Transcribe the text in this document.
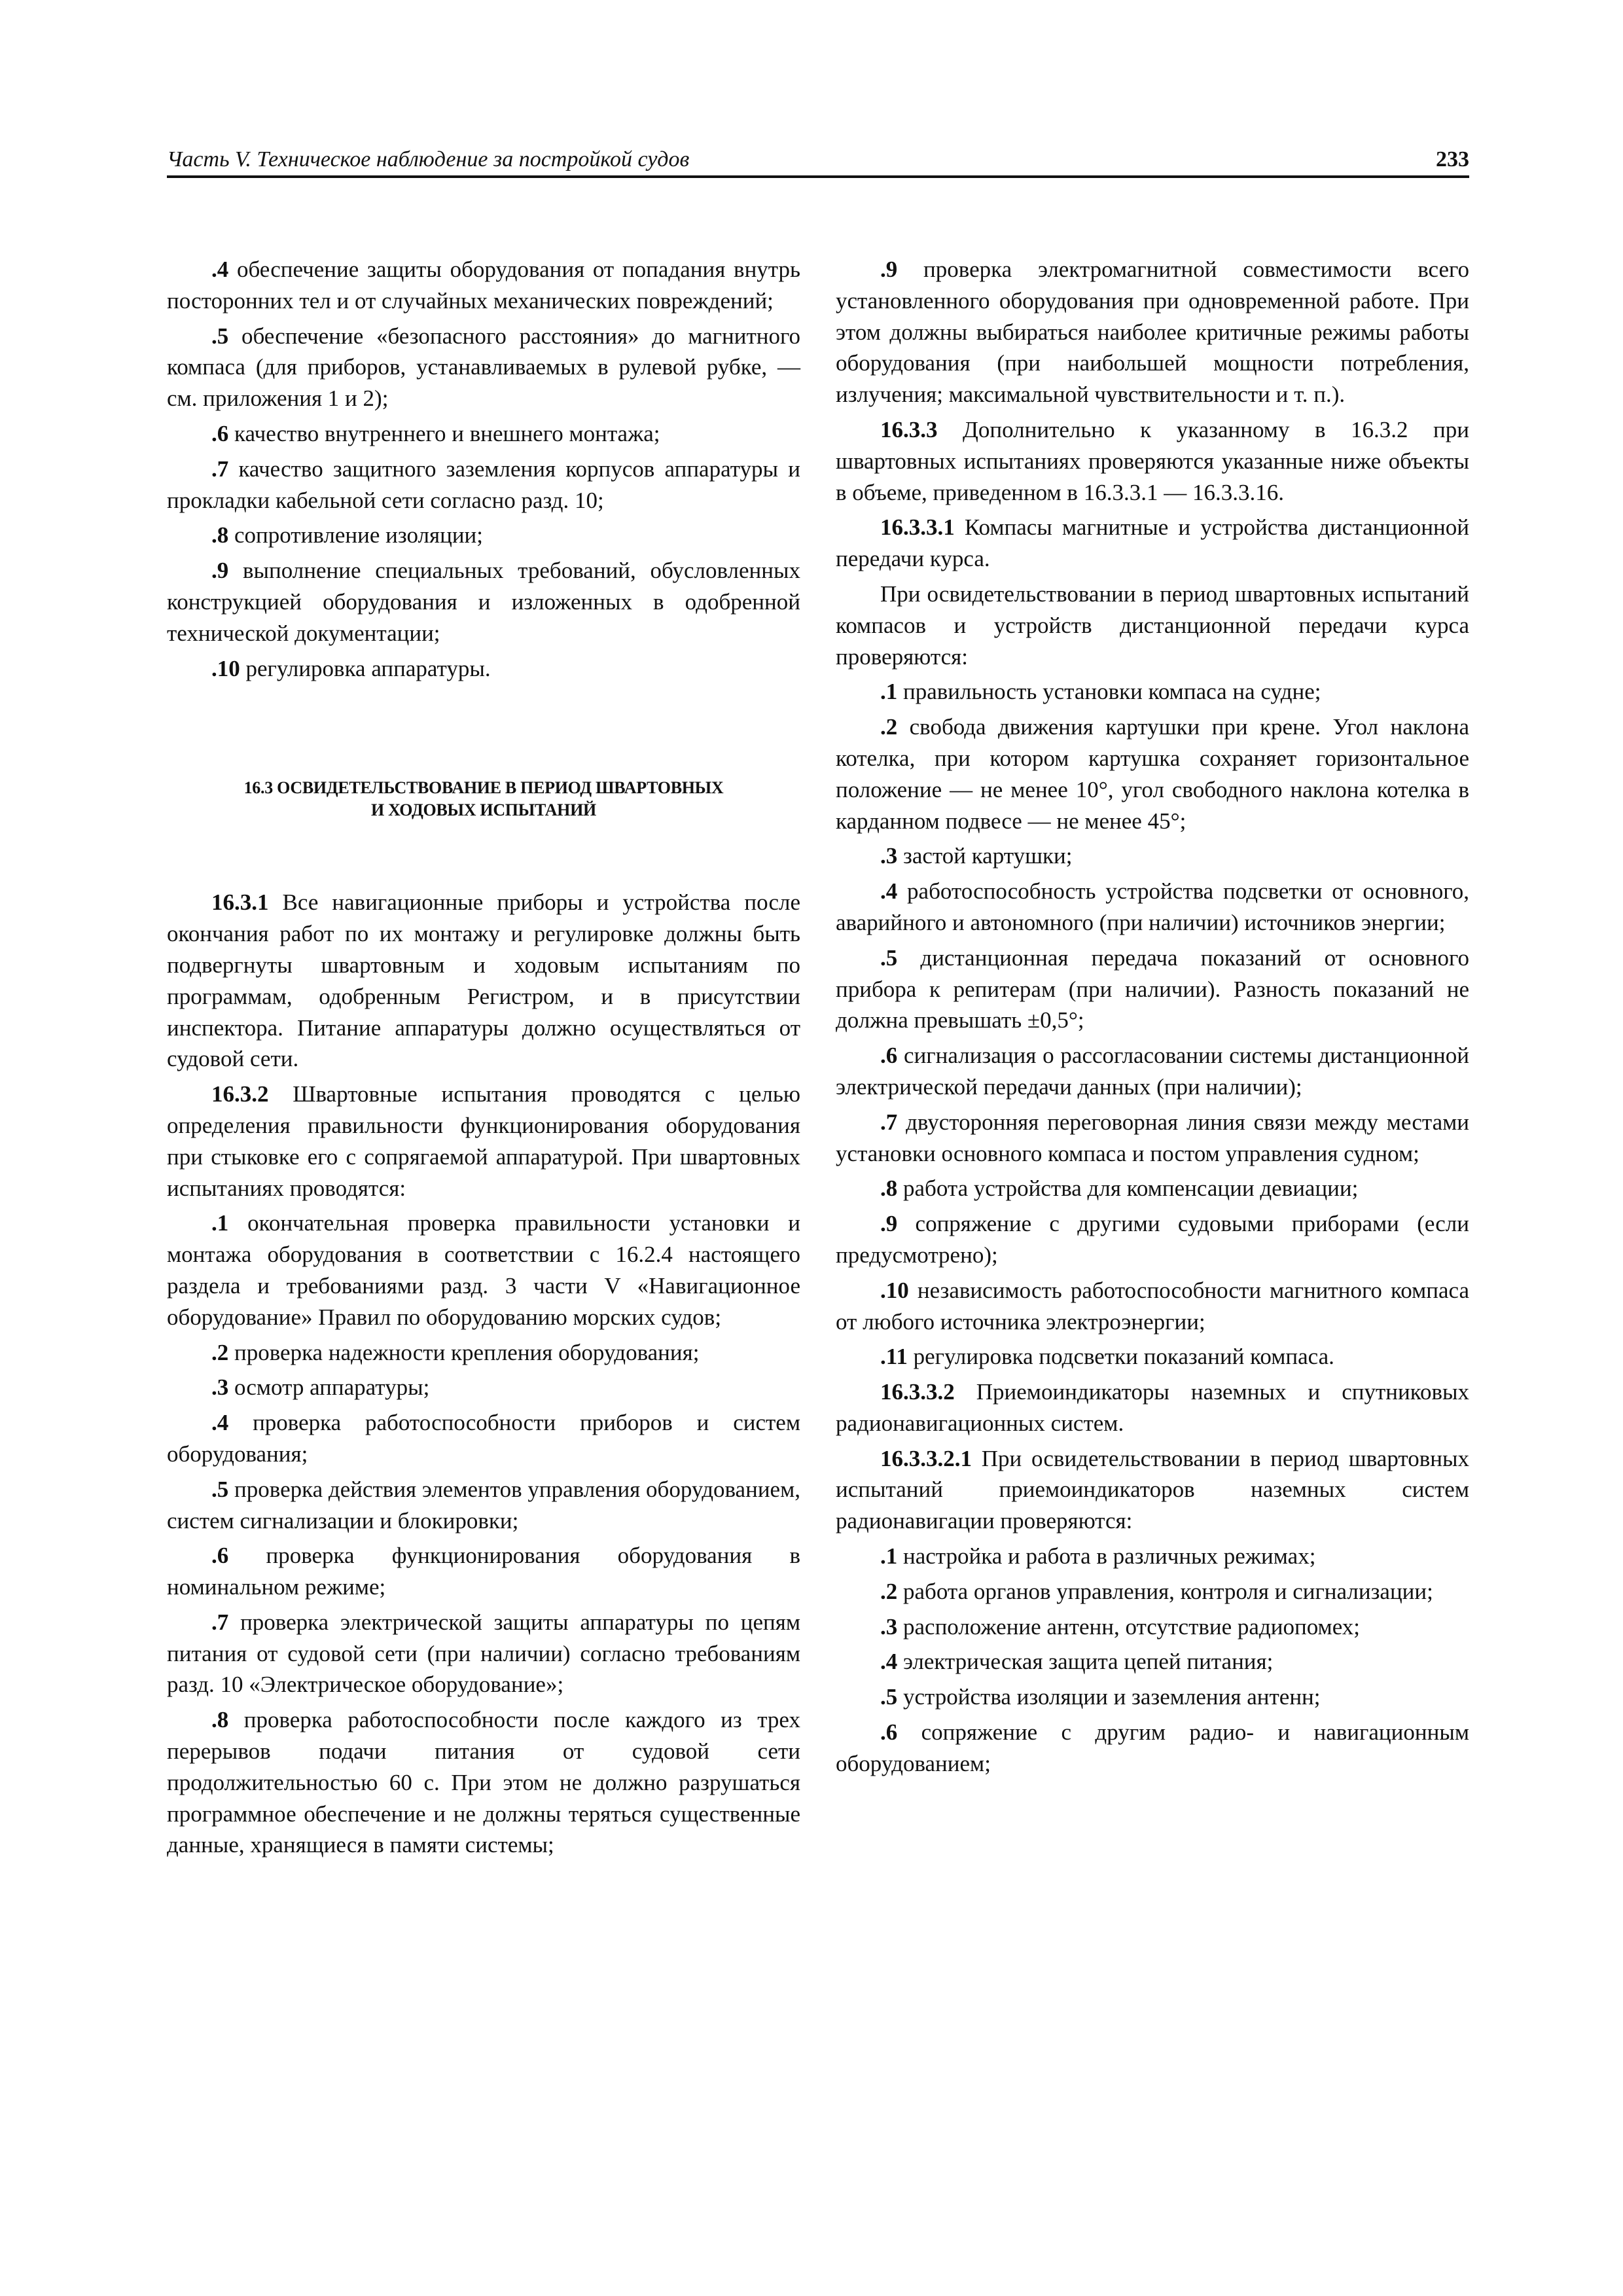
Часть V. Техническое наблюдение за постройкой судов	233

.4 обеспечение защиты оборудования от попадания внутрь посторонних тел и от случайных механических повреждений;

.5 обеспечение «безопасного расстояния» до магнитного компаса (для приборов, устанавливаемых в рулевой рубке, — см. приложения 1 и 2);

.6 качество внутреннего и внешнего монтажа;

.7 качество защитного заземления корпусов аппаратуры и прокладки кабельной сети согласно разд. 10;

.8 сопротивление изоляции;

.9 выполнение специальных требований, обусловленных конструкцией оборудования и изложенных в одобренной технической документации;

.10 регулировка аппаратуры.

16.3 ОСВИДЕТЕЛЬСТВОВАНИЕ В ПЕРИОД ШВАРТОВНЫХ
И ХОДОВЫХ ИСПЫТАНИЙ

16.3.1 Все навигационные приборы и устройства после окончания работ по их монтажу и регулировке должны быть подвергнуты швартовным и ходовым испытаниям по программам, одобренным Регистром, и в присутствии инспектора. Питание аппаратуры должно осуществляться от судовой сети.

16.3.2 Швартовные испытания проводятся с целью определения правильности функционирования оборудования при стыковке его с сопрягаемой аппаратурой. При швартовных испытаниях проводятся:

.1 окончательная проверка правильности установки и монтажа оборудования в соответствии с 16.2.4 настоящего раздела и требованиями разд. 3 части V «Навигационное оборудование» Правил по оборудованию морских судов;

.2 проверка надежности крепления оборудования;

.3 осмотр аппаратуры;

.4 проверка работоспособности приборов и систем оборудования;

.5 проверка действия элементов управления оборудованием, систем сигнализации и блокировки;

.6 проверка функционирования оборудования в номинальном режиме;

.7 проверка электрической защиты аппаратуры по цепям питания от судовой сети (при наличии) согласно требованиям разд. 10 «Электрическое оборудование»;

.8 проверка работоспособности после каждого из трех перерывов подачи питания от судовой сети продолжительностью 60 с. При этом не должно разрушаться программное обеспечение и не должны теряться существенные данные, хранящиеся в памяти системы;

.9 проверка электромагнитной совместимости всего установленного оборудования при одновременной работе. При этом должны выбираться наиболее критичные режимы работы оборудования (при наибольшей мощности потребления, излучения; максимальной чувствительности и т. п.).

16.3.3 Дополнительно к указанному в 16.3.2 при швартовных испытаниях проверяются указанные ниже объекты в объеме, приведенном в 16.3.3.1 — 16.3.3.16.

16.3.3.1 Компасы магнитные и устройства дистанционной передачи курса.

При освидетельствовании в период швартовных испытаний компасов и устройств дистанционной передачи курса проверяются:

.1 правильность установки компаса на судне;

.2 свобода движения картушки при крене. Угол наклона котелка, при котором картушка сохраняет горизонтальное положение — не менее 10°, угол свободного наклона котелка в карданном подвесе — не менее 45°;

.3 застой картушки;

.4 работоспособность устройства подсветки от основного, аварийного и автономного (при наличии) источников энергии;

.5 дистанционная передача показаний от основного прибора к репитерам (при наличии). Разность показаний не должна превышать ±0,5°;

.6 сигнализация о рассогласовании системы дистанционной электрической передачи данных (при наличии);

.7 двусторонняя переговорная линия связи между местами установки основного компаса и постом управления судном;

.8 работа устройства для компенсации девиации;

.9 сопряжение с другими судовыми приборами (если предусмотрено);

.10 независимость работоспособности магнитного компаса от любого источника электроэнергии;

.11 регулировка подсветки показаний компаса.

16.3.3.2 Приемоиндикаторы наземных и спутниковых радионавигационных систем.

16.3.3.2.1 При освидетельствовании в период швартовных испытаний приемоиндикаторов наземных систем радионавигации проверяются:

.1 настройка и работа в различных режимах;

.2 работа органов управления, контроля и сигнализации;

.3 расположение антенн, отсутствие радиопомех;

.4 электрическая защита цепей питания;

.5 устройства изоляции и заземления антенн;

.6 сопряжение с другим радио- и навигационным оборудованием;
